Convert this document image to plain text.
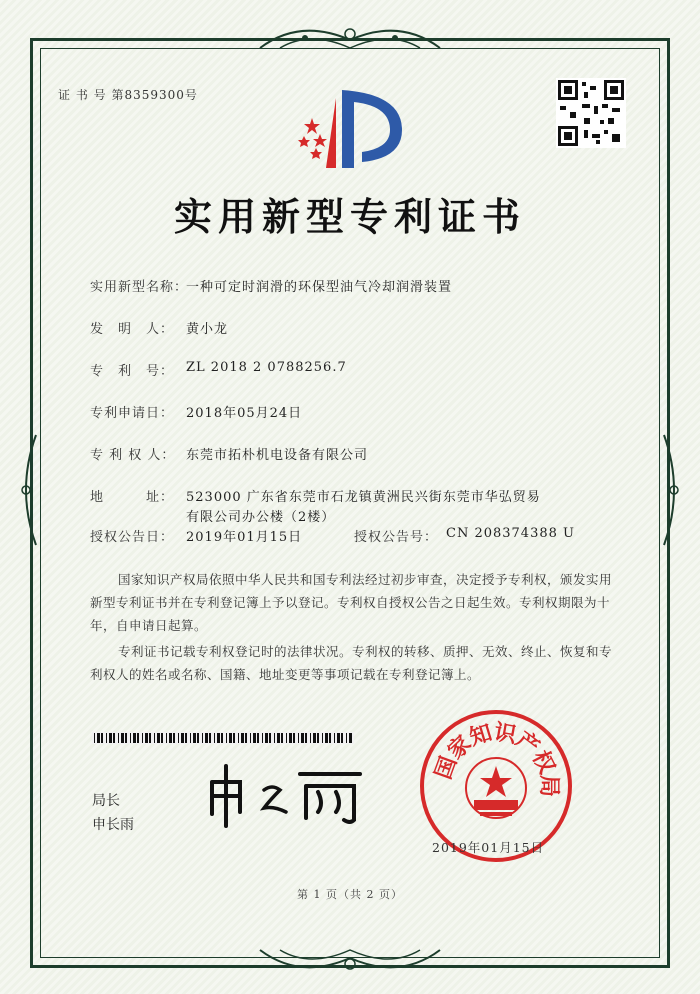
证 书 号 第8359300号
实用新型专利证书
实用新型名称：
一种可定时润滑的环保型油气冷却润滑装置
发　明　人： 黄小龙
专　利　号： ZL 2018 2 0788256.7
专利申请日： 2018年05月24日
专 利 权 人： 东莞市拓朴机电设备有限公司
地　　　址： 523000 广东省东莞市石龙镇黄洲民兴街东莞市华弘贸易
有限公司办公楼（2楼）
授权公告日： 2019年01月15日	授权公告号： CN 208374388 U
国家知识产权局依照中华人民共和国专利法经过初步审查，决定授予专利权，颁发实用新型专利证书并在专利登记簿上予以登记。专利权自授权公告之日起生效。专利权期限为十年，自申请日起算。
专利证书记载专利权登记时的法律状况。专利权的转移、质押、无效、终止、恢复和专利权人的姓名或名称、国籍、地址变更等事项记载在专利登记簿上。
局长
申长雨
国
家
知
识
产
权
局
2019年01月15日
第 1 页（共 2 页）
